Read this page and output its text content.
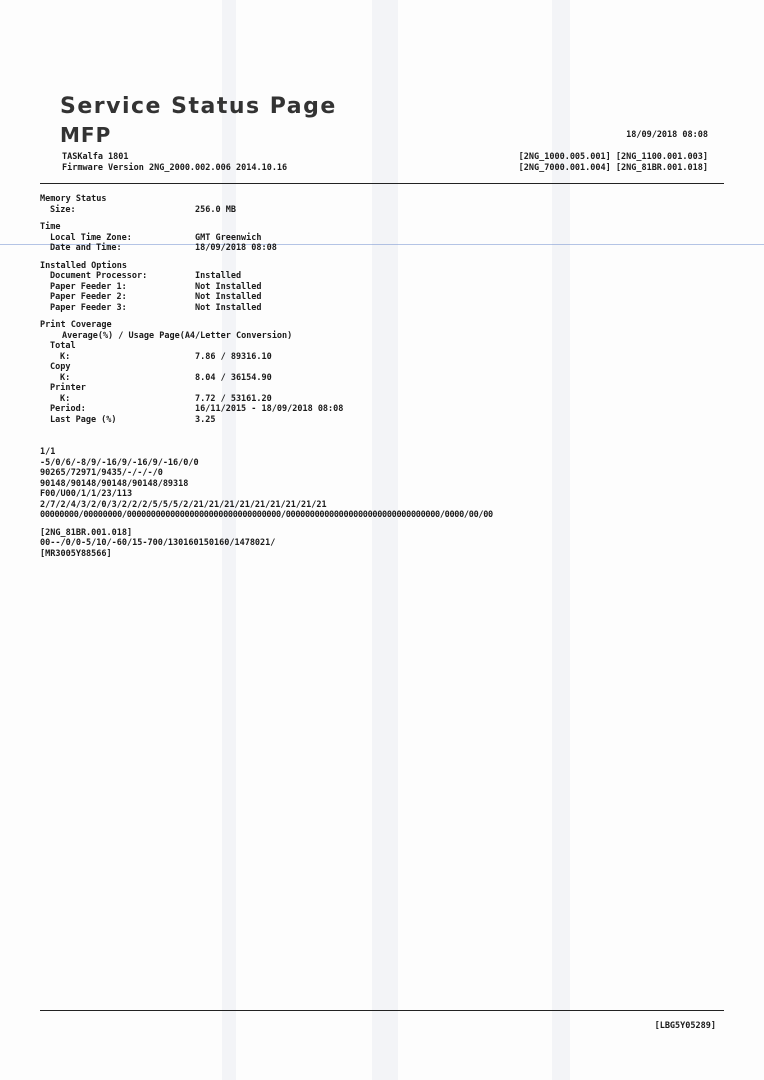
Service Status Page
MFP	18/09/2018 08:08
TASKalfa 1801
Firmware Version 2NG_2000.002.006 2014.10.16
[2NG_1000.005.001] [2NG_1100.001.003]
[2NG_7000.001.004] [2NG_81BR.001.018]
Memory Status
Size:	256.0 MB
Time
Local Time Zone:	GMT Greenwich
Date and Time:	18/09/2018 08:08
Installed Options
Document Processor:	Installed
Paper Feeder 1:	Not Installed
Paper Feeder 2:	Not Installed
Paper Feeder 3:	Not Installed
Print Coverage
Average(%) / Usage Page(A4/Letter Conversion)
Total
K:	7.86 / 89316.10
Copy
K:	8.04 / 36154.90
Printer
K:	7.72 / 53161.20
Period:	16/11/2015 - 18/09/2018 08:08
Last Page (%)	3.25
1/1
-5/0/6/-8/9/-16/9/-16/9/-16/0/0
90265/72971/9435/-/-/-/0
90148/90148/90148/90148/89318
F00/U00/1/1/23/113
2/7/2/4/3/2/0/3/2/2/2/5/5/5/2/21/21/21/21/21/21/21/21/21
00000000/00000000/00000000000000000000000000000000/00000000000000000000000000000000/0000/00/00
[2NG_81BR.001.018]
00--/0/0-5/10/-60/15-700/130160150160/1478021/
[MR3005Y88566]
[LBG5Y05289]
